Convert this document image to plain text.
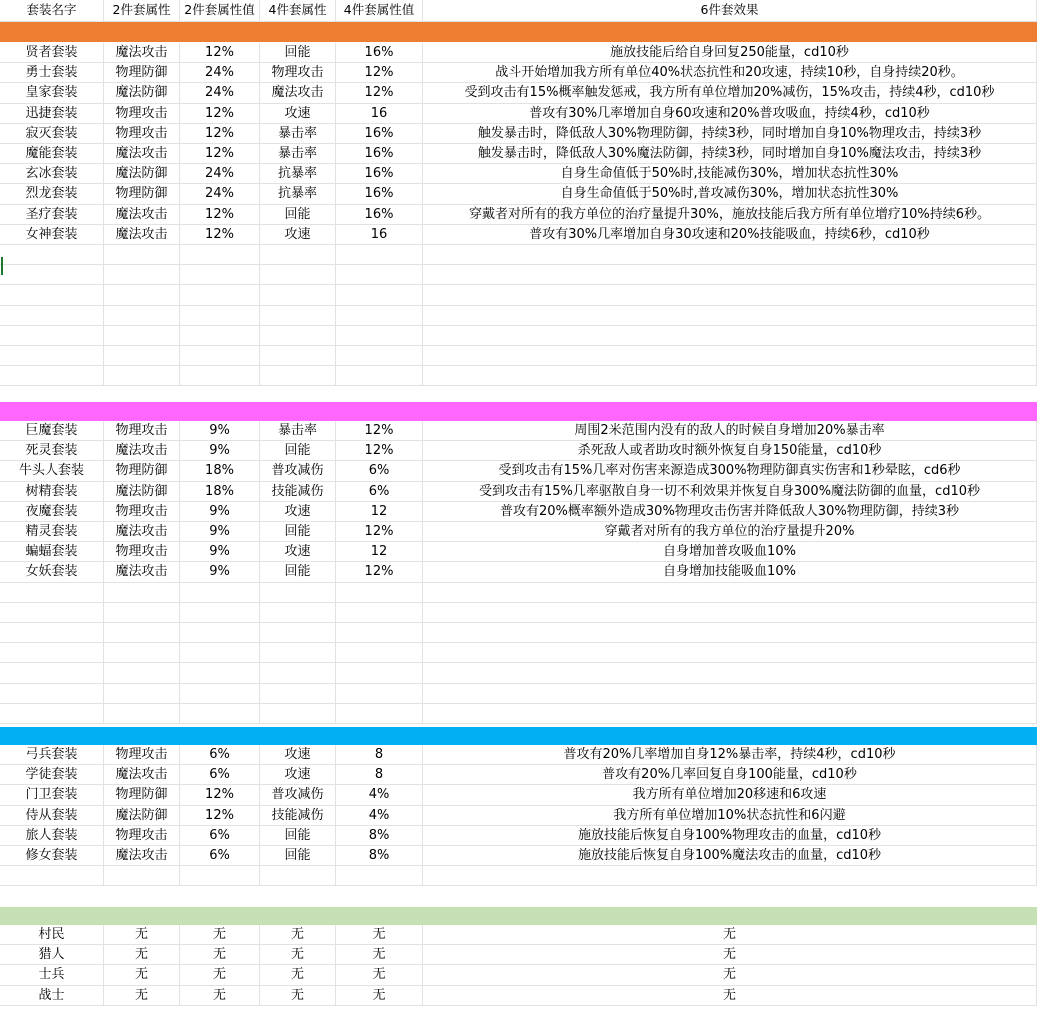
套装名字	2件套属性	2件套属性值	4件套属性	4件套属性值	6件套效果
贤者套装	魔法攻击	12%	回能	16%	施放技能后给自身回复250能量，cd10秒
勇士套装	物理防御	24%	物理攻击	12%	战斗开始增加我方所有单位40%状态抗性和20攻速，持续10秒，自身持续20秒。
皇家套装	魔法防御	24%	魔法攻击	12%	受到攻击有15%概率触发惩戒，我方所有单位增加20%减伤，15%攻击，持续4秒，cd10秒
迅捷套装	物理攻击	12%	攻速	16	普攻有30%几率增加自身60攻速和20%普攻吸血，持续4秒，cd10秒
寂灭套装	物理攻击	12%	暴击率	16%	触发暴击时，降低敌人30%物理防御，持续3秒，同时增加自身10%物理攻击，持续3秒
魔能套装	魔法攻击	12%	暴击率	16%	触发暴击时，降低敌人30%魔法防御，持续3秒，同时增加自身10%魔法攻击，持续3秒
玄冰套装	魔法防御	24%	抗暴率	16%	自身生命值低于50%时,技能减伤30%，增加状态抗性30%
烈龙套装	物理防御	24%	抗暴率	16%	自身生命值低于50%时,普攻减伤30%，增加状态抗性30%
圣疗套装	魔法攻击	12%	回能	16%	穿戴者对所有的我方单位的治疗量提升30%，施放技能后我方所有单位增疗10%持续6秒。
女神套装	魔法攻击	12%	攻速	16	普攻有30%几率增加自身30攻速和20%技能吸血，持续6秒，cd10秒
巨魔套装	物理攻击	9%	暴击率	12%	周围2米范围内没有的敌人的时候自身增加20%暴击率
死灵套装	魔法攻击	9%	回能	12%	杀死敌人或者助攻时额外恢复自身150能量，cd10秒
牛头人套装	物理防御	18%	普攻减伤	6%	受到攻击有15%几率对伤害来源造成300%物理防御真实伤害和1秒晕眩，cd6秒
树精套装	魔法防御	18%	技能减伤	6%	受到攻击有15%几率驱散自身一切不利效果并恢复自身300%魔法防御的血量，cd10秒
夜魔套装	物理攻击	9%	攻速	12	普攻有20%概率额外造成30%物理攻击伤害并降低敌人30%物理防御，持续3秒
精灵套装	魔法攻击	9%	回能	12%	穿戴者对所有的我方单位的治疗量提升20%
蝙蝠套装	物理攻击	9%	攻速	12	自身增加普攻吸血10%
女妖套装	魔法攻击	9%	回能	12%	自身增加技能吸血10%
弓兵套装	物理攻击	6%	攻速	8	普攻有20%几率增加自身12%暴击率，持续4秒，cd10秒
学徒套装	魔法攻击	6%	攻速	8	普攻有20%几率回复自身100能量，cd10秒
门卫套装	物理防御	12%	普攻减伤	4%	我方所有单位增加20移速和6攻速
侍从套装	魔法防御	12%	技能减伤	4%	我方所有单位增加10%状态抗性和6闪避
旅人套装	物理攻击	6%	回能	8%	施放技能后恢复自身100%物理攻击的血量，cd10秒
修女套装	魔法攻击	6%	回能	8%	施放技能后恢复自身100%魔法攻击的血量，cd10秒
村民	无	无	无	无	无
猎人	无	无	无	无	无
士兵	无	无	无	无	无
战士	无	无	无	无	无
